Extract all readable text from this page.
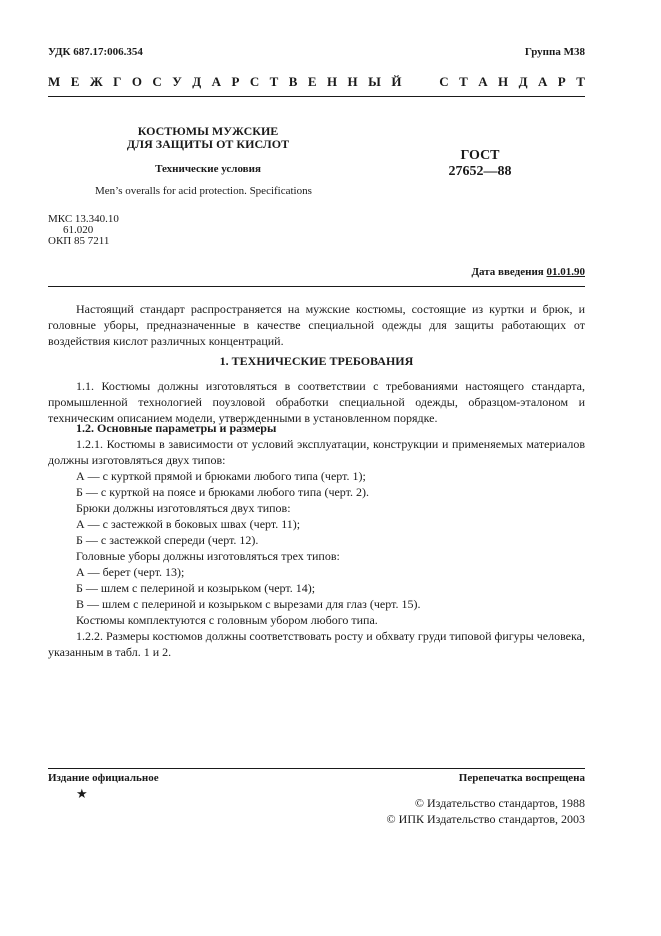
УДК 687.17:006.354	Группа М38
М Е Ж Г О С У Д А Р С Т В Е Н Н Ы Й

	С Т А Н Д А Р Т
КОСТЮМЫ МУЖСКИЕ
ДЛЯ ЗАЩИТЫ ОТ КИСЛОТ
Технические условия
Men’s overalls for acid protection. Specifications
ГОСТ
27652—88
МКС 13.340.10
61.020
ОКП 85 7211
Дата введения 01.01.90
Настоящий стандарт распространяется на мужские костюмы, состоящие из куртки и брюк, и головные уборы, предназначенные в качестве специальной одежды для защиты работающих от воздействия кислот различных концентраций.
1. ТЕХНИЧЕСКИЕ ТРЕБОВАНИЯ
1.1. Костюмы должны изготовляться в соответствии с требованиями настоящего стандарта, промышленной технологией поузловой обработки специальной одежды, образцом-эталоном и техническим описанием модели, утвержденными в установленном порядке.
1.2. Основные параметры и размеры
1.2.1. Костюмы в зависимости от условий эксплуатации, конструкции и применяемых материалов должны изготовляться двух типов:
А — с курткой прямой и брюками любого типа (черт. 1);
Б — с курткой на поясе и брюками любого типа (черт. 2).
Брюки должны изготовляться двух типов:
А — с застежкой в боковых швах (черт. 11);
Б — с застежкой спереди (черт. 12).
Головные уборы должны изготовляться трех типов:
А — берет (черт. 13);
Б — шлем с пелериной и козырьком (черт. 14);
В — шлем с пелериной и козырьком с вырезами для глаз (черт. 15).
Костюмы комплектуются с головным убором любого типа.
1.2.2. Размеры костюмов должны соответствовать росту и обхвату груди типовой фигуры человека, указанным в табл. 1 и 2.
Издание официальное	Перепечатка воспрещена
★
© Издательство стандартов, 1988
© ИПК Издательство стандартов, 2003
